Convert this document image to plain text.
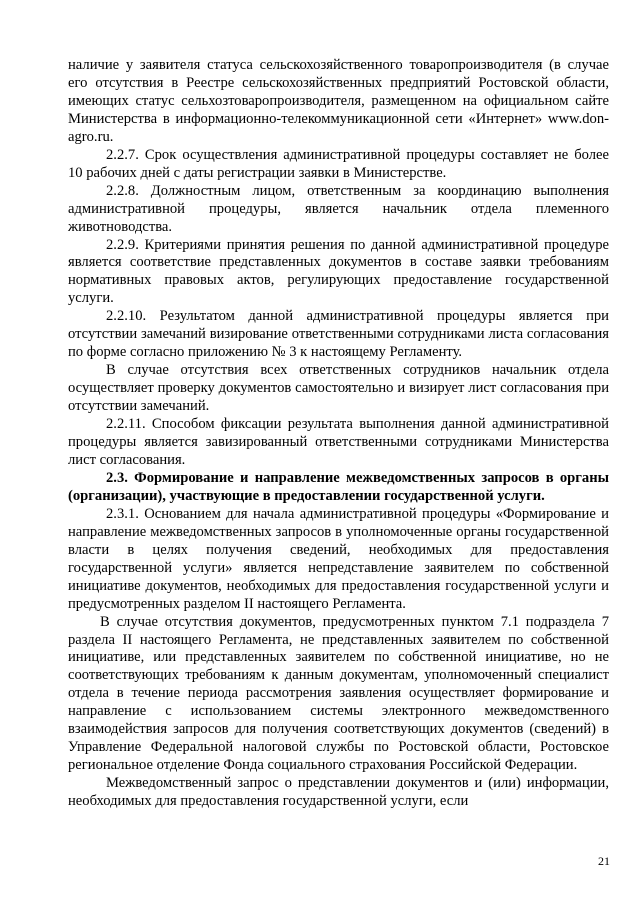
наличие у заявителя статуса сельскохозяйственного товаропроизводителя (в случае его отсутствия в Реестре сельскохозяйственных предприятий Ростовской области, имеющих статус сельхозтоваропроизводителя, размещенном на официальном сайте Министерства в информационно-телекоммуникационной сети «Интернет» www.don-agro.ru.

2.2.7. Срок осуществления административной процедуры составляет не более 10 рабочих дней с даты регистрации заявки в Министерстве.

2.2.8. Должностным лицом, ответственным за координацию выполнения административной процедуры, является начальник отдела племенного животноводства.

2.2.9. Критериями принятия решения по данной административной процедуре является соответствие представленных документов в составе заявки требованиям нормативных правовых актов, регулирующих предоставление государственной услуги.

2.2.10. Результатом данной административной процедуры является при отсутствии замечаний визирование ответственными сотрудниками листа согласования по форме согласно приложению № 3 к настоящему Регламенту.

В случае отсутствия всех ответственных сотрудников начальник отдела осуществляет проверку документов самостоятельно и визирует лист согласования при отсутствии замечаний.

2.2.11. Способом фиксации результата выполнения данной административной процедуры является завизированный ответственными сотрудниками Министерства лист согласования.

2.3. Формирование и направление межведомственных запросов в органы (организации), участвующие в предоставлении государственной услуги.

2.3.1. Основанием для начала административной процедуры «Формирование и направление межведомственных запросов в уполномоченные органы государственной власти в целях получения сведений, необходимых для предоставления государственной услуги» является непредставление заявителем по собственной инициативе документов, необходимых для предоставления государственной услуги и предусмотренных разделом II настоящего Регламента.

В случае отсутствия документов, предусмотренных пунктом 7.1 подраздела 7 раздела II настоящего Регламента, не представленных заявителем по собственной инициативе, или представленных заявителем по собственной инициативе, но не соответствующих требованиям к данным документам, уполномоченный специалист отдела в течение периода рассмотрения заявления осуществляет формирование и направление с использованием системы электронного межведомственного взаимодействия запросов для получения соответствующих документов (сведений) в Управление Федеральной налоговой службы по Ростовской области, Ростовское региональное отделение Фонда социального страхования Российской Федерации.

Межведомственный запрос о представлении документов и (или) информации, необходимых для предоставления государственной услуги, если

21
